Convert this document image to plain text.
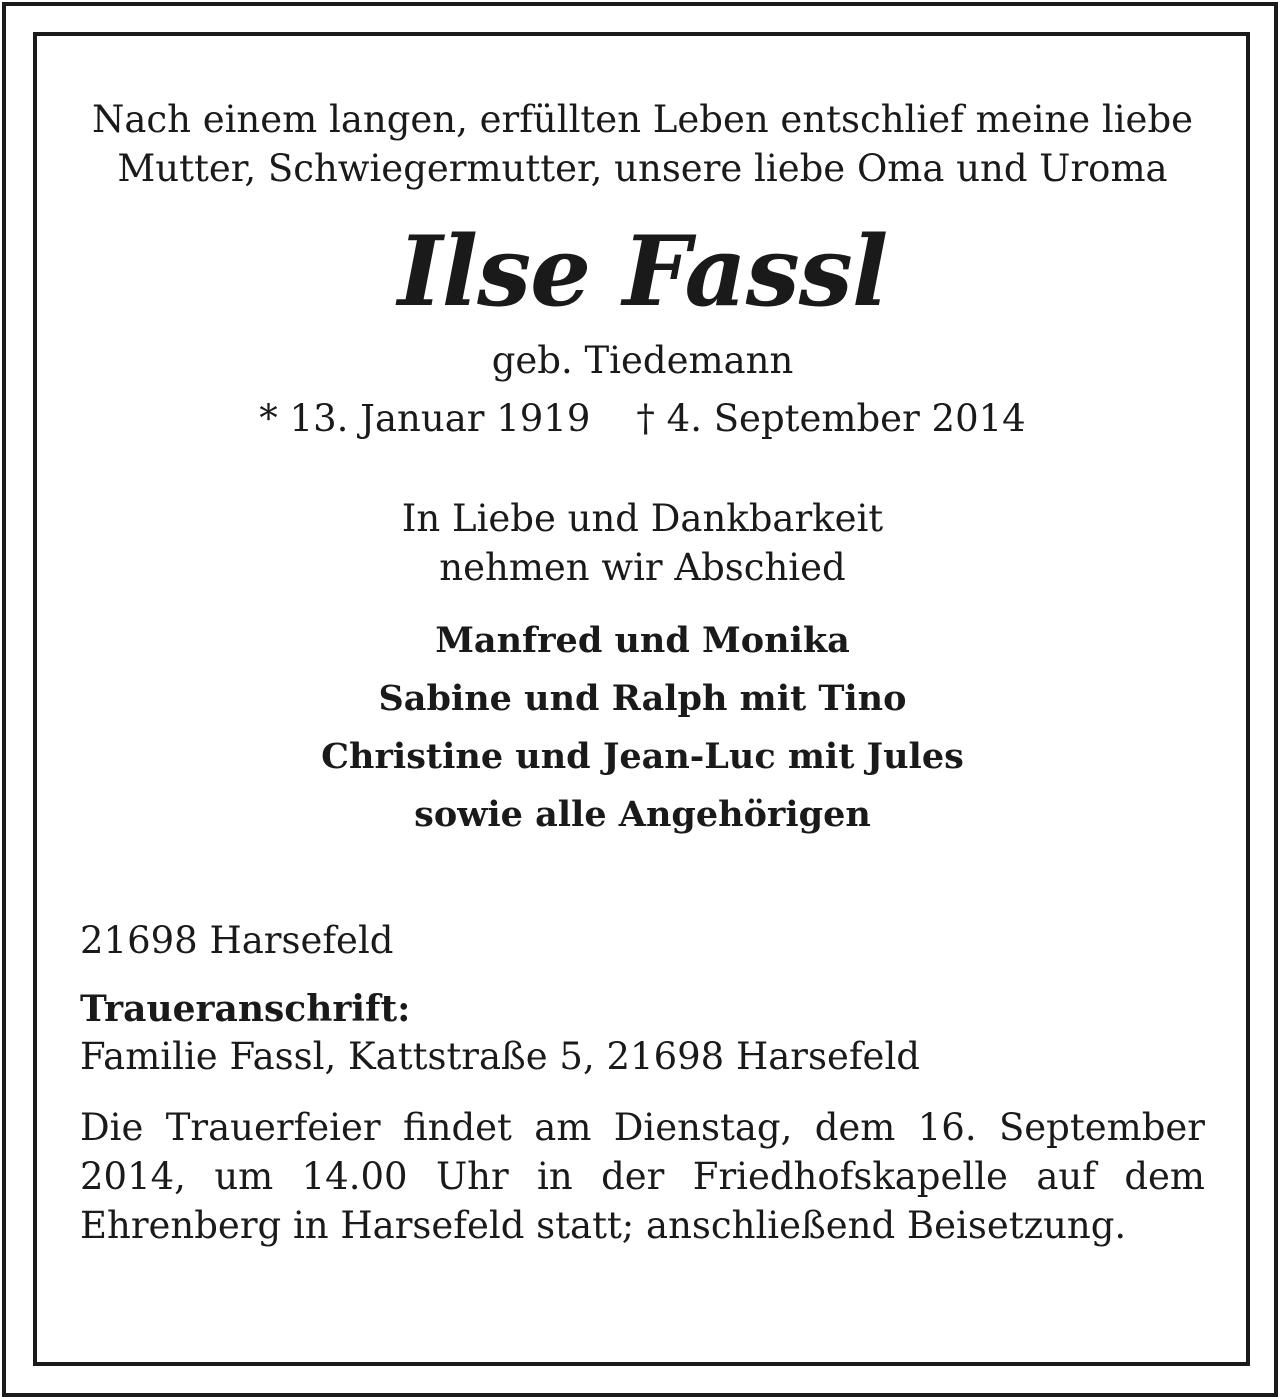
Nach einem langen, erfüllten Leben entschlief meine liebe
Mutter, Schwiegermutter, unsere liebe Oma und Uroma
Ilse Fassl
geb. Tiedemann
* 13. Januar 1919 † 4. September 2014
In Liebe und Dankbarkeit
nehmen wir Abschied
Manfred und Monika
Sabine und Ralph mit Tino
Christine und Jean-Luc mit Jules
sowie alle Angehörigen
21698 Harsefeld
Traueranschrift:
Familie Fassl, Kattstraße 5, 21698 Harsefeld
Die Trauerfeier findet am Dienstag, dem 16. September
2014, um 14.00 Uhr in der Friedhofskapelle auf dem
Ehrenberg in Harsefeld statt; anschließend Beisetzung.
